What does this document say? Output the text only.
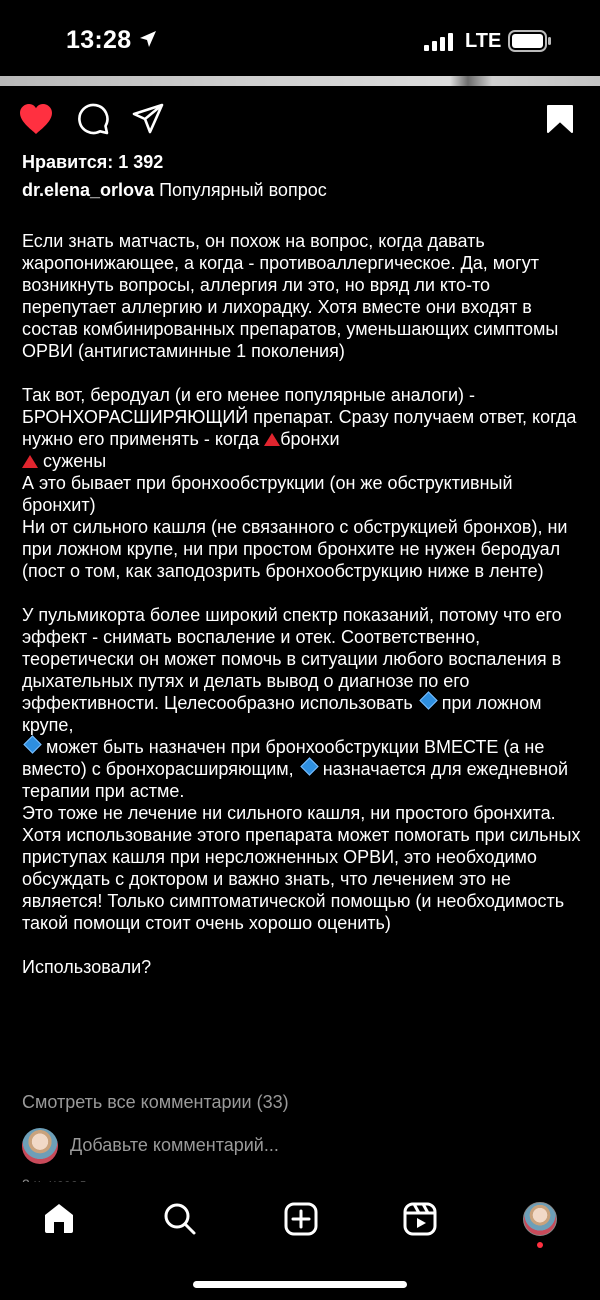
13:28	LTE
Нравится: 1 392
dr.elena_orlova Популярный вопрос

Если знать матчасть, он похож на вопрос, когда давать жаропонижающее, а когда - противоаллергическое. Да, могут возникнуть вопросы, аллергия ли это, но вряд ли кто-то перепутает аллергию и лихорадку. Хотя вместе они входят в состав комбинированных препаратов, уменьшающих симптомы ОРВИ (антигистаминные 1 поколения)

Так вот, беродуал (и его менее популярные аналоги) - БРОНХОРАСШИРЯЮЩИЙ препарат. Сразу получаем ответ, когда нужно его применять - когда бронхи
сужены

А это бывает при бронхообструкции (он же обструктивный бронхит)

Ни от сильного кашля (не связанного с обструкцией бронхов), ни при ложном крупе, ни при простом бронхите не нужен беродуал (пост о том, как заподозрить бронхообструкцию ниже в ленте)

У пульмикорта более широкий спектр показаний, потому что его эффект - снимать воспаление и отек. Соответственно, теоретически он может помочь в ситуации любого воспаления в дыхательных путях и делать вывод о диагнозе по его эффективности. Целесообразно использовать  при ложном крупе,
может быть назначен при бронхообструкции ВМЕСТЕ (а не вместо) с бронхорасширяющим,  назначается для ежедневной терапии при астме.

Это тоже не лечение ни сильного кашля, ни простого бронхита. Хотя использование этого препарата может помогать при сильных приступах кашля при нерсложненных ОРВИ, это необходимо обсуждать с доктором и важно знать, что лечением это не является! Только симптоматической помощью (и необходимость такой помощи стоит очень хорошо оценить)

Использовали?

Смотреть все комментарии (33)
Добавьте комментарий...
